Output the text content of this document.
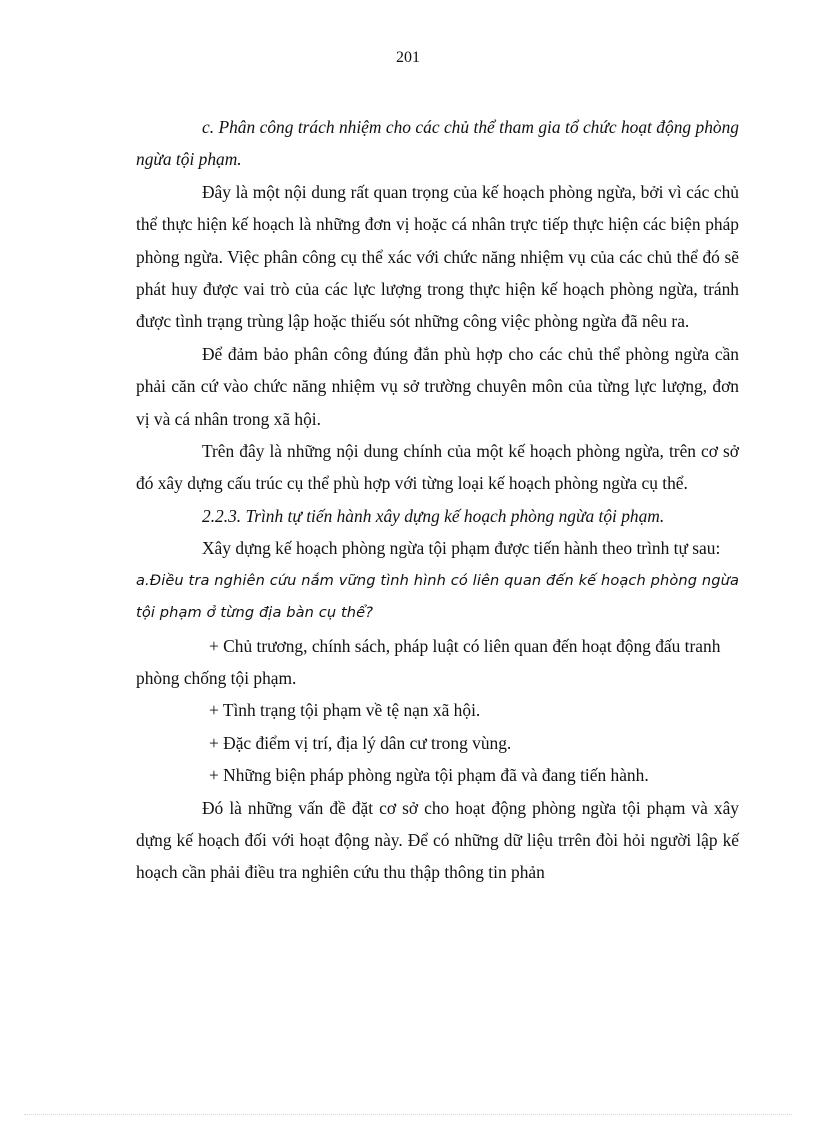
201

c. Phân công trách nhiệm cho các chủ thể tham gia tổ chức hoạt động phòng ngừa tội phạm.

Đây là một nội dung rất quan trọng của kế hoạch phòng ngừa, bởi vì các chủ thể thực hiện kế hoạch là những đơn vị hoặc cá nhân trực tiếp thực hiện các biện pháp phòng ngừa. Việc phân công cụ thể xác với chức năng nhiệm vụ của các chủ thể đó sẽ phát huy được vai trò của các lực lượng trong thực hiện kế hoạch phòng ngừa, tránh được tình trạng trùng lập hoặc thiếu sót những công việc phòng ngừa đã nêu ra.

Để đảm bảo phân công đúng đắn phù hợp cho các chủ thể phòng ngừa cần phải căn cứ vào chức năng nhiệm vụ sở trường chuyên môn của từng lực lượng, đơn vị và cá nhân trong xã hội.

Trên đây là những nội dung chính của một kế hoạch phòng ngừa, trên cơ sở đó xây dựng cấu trúc cụ thể phù hợp với từng loại kế hoạch phòng ngừa cụ thể.

2.2.3. Trình tự tiến hành xây dựng kế hoạch phòng ngừa tội phạm.

Xây dựng kế hoạch phòng ngừa tội phạm được tiến hành theo trình tự sau:

a.Điều tra nghiên cứu nắm vững tình hình có liên quan đến kế hoạch phòng ngừa tội phạm ở từng địa bàn cụ thể?

+ Chủ trương, chính sách, pháp luật có liên quan đến hoạt động đấu tranh phòng chống tội phạm.

+ Tình trạng tội phạm về tệ nạn xã hội.

+ Đặc điểm vị trí, địa lý dân cư trong vùng.

+ Những biện pháp phòng ngừa tội phạm đã và đang tiến hành.

Đó là những vấn đề đặt cơ sở cho hoạt động phòng ngừa tội phạm và xây dựng kế hoạch đối với hoạt động này. Để có những dữ liệu trrên đòi hỏi người lập kế hoạch cần phải điều tra nghiên cứu thu thập thông tin phản
